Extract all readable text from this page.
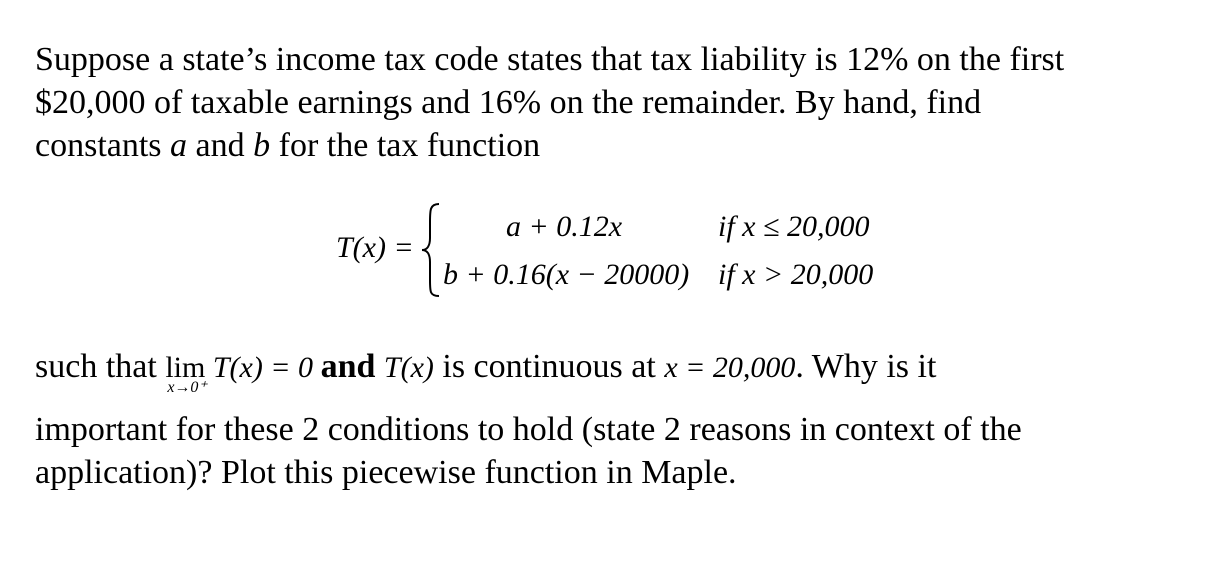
Suppose a state’s income tax code states that tax liability is 12% on the first
$20,000 of taxable earnings and 16% on the remainder. By hand, find
constants a and b for the tax function
T(x) =
a + 0.12x	if x ≤ 20,000
b + 0.16(x − 20000) if x > 20,000
such that lim
x→0⁺
T(x) = 0 and T(x) is continuous at x = 20,000. Why is it
important for these 2 conditions to hold (state 2 reasons in context of the
application)? Plot this piecewise function in Maple.
